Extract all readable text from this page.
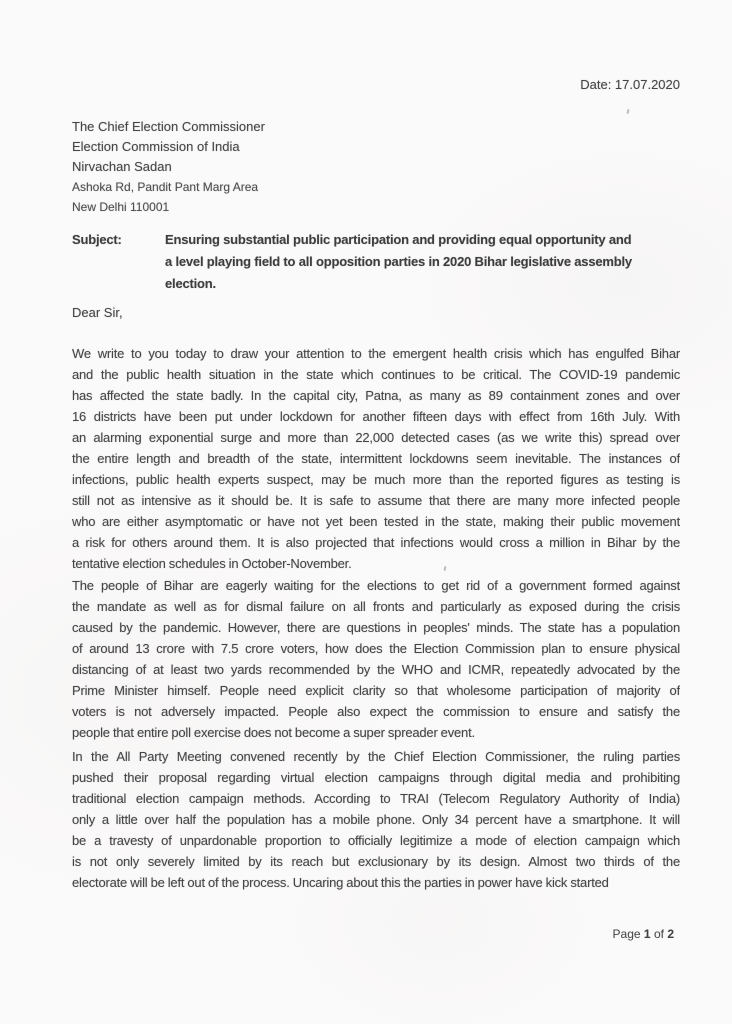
Date: 17.07.2020
The Chief Election Commissioner
Election Commission of India
Nirvachan Sadan
Ashoka Rd, Pandit Pant Marg Area
New Delhi 110001
Subject:	Ensuring substantial public participation and providing equal opportunity and
a level playing field to all opposition parties in 2020 Bihar legislative assembly
election.
Dear Sir,
We write to you today to draw your attention to the emergent health crisis which has engulfed Bihar
and the public health situation in the state which continues to be critical. The COVID-19 pandemic
has affected the state badly. In the capital city, Patna, as many as 89 containment zones and over
16 districts have been put under lockdown for another fifteen days with effect from 16th July. With
an alarming exponential surge and more than 22,000 detected cases (as we write this) spread over
the entire length and breadth of the state, intermittent lockdowns seem inevitable. The instances of
infections, public health experts suspect, may be much more than the reported figures as testing is
still not as intensive as it should be. It is safe to assume that there are many more infected people
who are either asymptomatic or have not yet been tested in the state, making their public movement
a risk for others around them. It is also projected that infections would cross a million in Bihar by the
tentative election schedules in October-November.
The people of Bihar are eagerly waiting for the elections to get rid of a government formed against
the mandate as well as for dismal failure on all fronts and particularly as exposed during the crisis
caused by the pandemic. However, there are questions in peoples' minds. The state has a population
of around 13 crore with 7.5 crore voters, how does the Election Commission plan to ensure physical
distancing of at least two yards recommended by the WHO and ICMR, repeatedly advocated by the
Prime Minister himself. People need explicit clarity so that wholesome participation of majority of
voters is not adversely impacted. People also expect the commission to ensure and satisfy the
people that entire poll exercise does not become a super spreader event.
In the All Party Meeting convened recently by the Chief Election Commissioner, the ruling parties
pushed their proposal regarding virtual election campaigns through digital media and prohibiting
traditional election campaign methods. According to TRAI (Telecom Regulatory Authority of India)
only a little over half the population has a mobile phone. Only 34 percent have a smartphone. It will
be a travesty of unpardonable proportion to officially legitimize a mode of election campaign which
is not only severely limited by its reach but exclusionary by its design. Almost two thirds of the
electorate will be left out of the process. Uncaring about this the parties in power have kick started
Page 1 of 2
